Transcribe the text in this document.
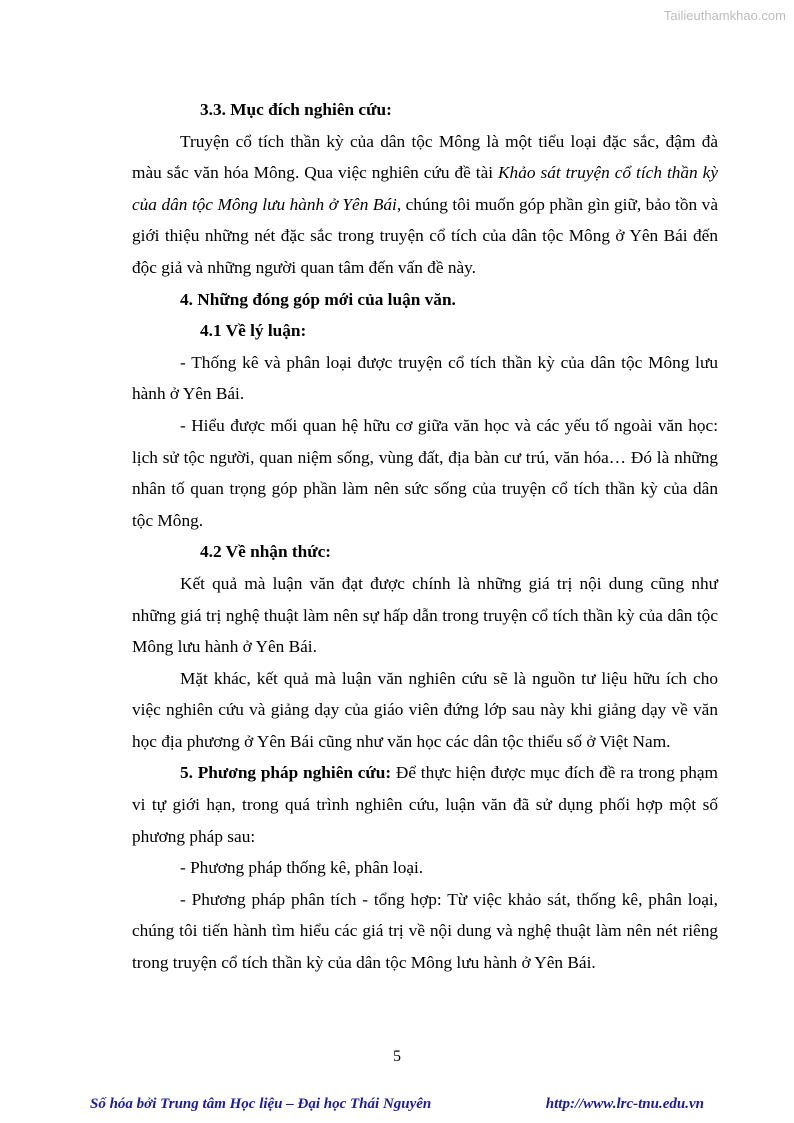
Tailieuthamkhao.com

3.3. Mục đích nghiên cứu:

Truyện cổ tích thần kỳ của dân tộc Mông là một tiểu loại đặc sắc, đậm đà màu sắc văn hóa Mông. Qua việc nghiên cứu đề tài Khảo sát truyện cổ tích thần kỳ của dân tộc Mông lưu hành ở Yên Bái, chúng tôi muốn góp phần gìn giữ, bảo tồn và giới thiệu những nét đặc sắc trong truyện cổ tích của dân tộc Mông ở Yên Bái đến độc giả và những người quan tâm đến vấn đề này.

4. Những đóng góp mới của luận văn.

4.1 Về lý luận:

- Thống kê và phân loại được truyện cổ tích thần kỳ của dân tộc Mông lưu hành ở Yên Bái.

- Hiểu được mối quan hệ hữu cơ giữa văn học và các yếu tố ngoài văn học: lịch sử tộc người, quan niệm sống, vùng đất, địa bàn cư trú, văn hóa… Đó là những nhân tố quan trọng góp phần làm nên sức sống của truyện cổ tích thần kỳ của dân tộc Mông.

4.2 Về nhận thức:

Kết quả mà luận văn đạt được chính là những giá trị nội dung cũng như những giá trị nghệ thuật làm nên sự hấp dẫn trong truyện cổ tích thần kỳ của dân tộc Mông lưu hành ở Yên Bái.

Mặt khác, kết quả mà luận văn nghiên cứu sẽ là nguồn tư liệu hữu ích cho việc nghiên cứu và giảng dạy của giáo viên đứng lớp sau này khi giảng dạy về văn học địa phương ở Yên Bái cũng như văn học các dân tộc thiểu số ở Việt Nam.

5. Phương pháp nghiên cứu: Để thực hiện được mục đích đề ra trong phạm vi tự giới hạn, trong quá trình nghiên cứu, luận văn đã sử dụng phối hợp một số phương pháp sau:

- Phương pháp thống kê, phân loại.

- Phương pháp phân tích - tổng hợp: Từ việc khảo sát, thống kê, phân loại, chúng tôi tiến hành tìm hiểu các giá trị về nội dung và nghệ thuật làm nên nét riêng trong truyện cổ tích thần kỳ của dân tộc Mông lưu hành ở Yên Bái.

5
Số hóa bởi Trung tâm Học liệu – Đại học Thái Nguyên	http://www.lrc-tnu.edu.vn
